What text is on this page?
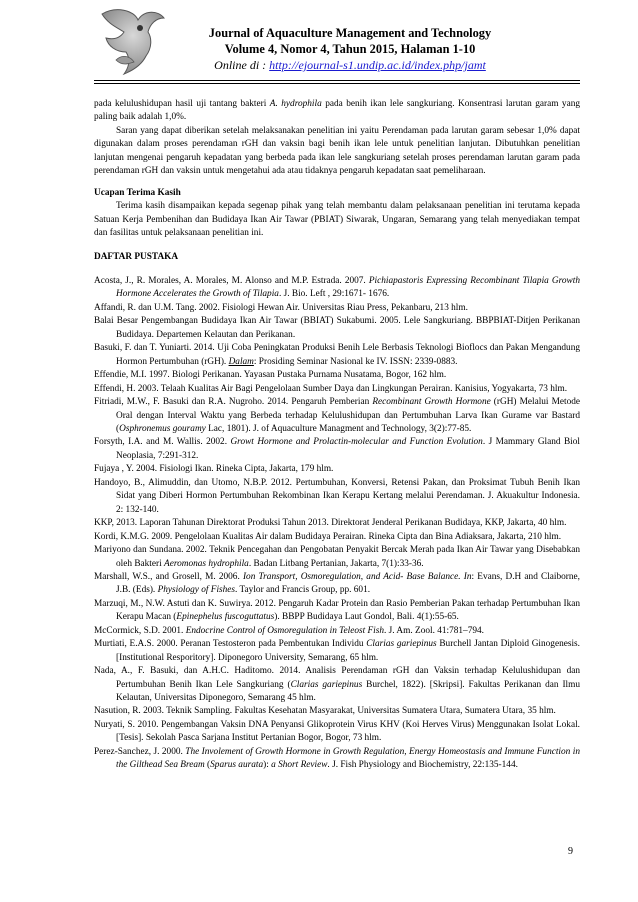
Journal of Aquaculture Management and Technology
Volume 4, Nomor 4, Tahun 2015, Halaman 1-10
Online di : http://ejournal-s1.undip.ac.id/index.php/jamt

pada kelulushidupan hasil uji tantang bakteri A. hydrophila pada benih ikan lele sangkuriang. Konsentrasi larutan garam yang paling baik adalah 1,0%.

Saran yang dapat diberikan setelah melaksanakan penelitian ini yaitu Perendaman pada larutan garam sebesar 1,0% dapat digunakan dalam proses perendaman rGH dan vaksin bagi benih ikan lele untuk penelitian lanjutan. Dibutuhkan penelitian lanjutan mengenai pengaruh kepadatan yang berbeda pada ikan lele sangkuriang setelah proses perendaman larutan garam pada perendaman rGH dan vaksin untuk mengetahui ada atau tidaknya pengaruh kepadatan saat pemeliharaan.

Ucapan Terima Kasih

Terima kasih disampaikan kepada segenap pihak yang telah membantu dalam pelaksanaan penelitian ini terutama kepada Satuan Kerja Pembenihan dan Budidaya Ikan Air Tawar (PBIAT) Siwarak, Ungaran, Semarang yang telah menyediakan tempat dan fasilitas untuk pelaksanaan penelitian ini.

DAFTAR PUSTAKA

Acosta, J., R. Morales, A. Morales, M. Alonso and M.P. Estrada. 2007. Pichiapastoris Expressing Recombinant Tilapia Growth Hormone Accelerates the Growth of Tilapia. J. Bio. Left , 29:1671- 1676.

Affandi, R. dan U.M. Tang. 2002. Fisiologi Hewan Air. Universitas Riau Press, Pekanbaru, 213 hlm.

Balai Besar Pengembangan Budidaya Ikan Air Tawar (BBIAT) Sukabumi. 2005. Lele Sangkuriang. BBPBIAT-Ditjen Perikanan Budidaya. Departemen Kelautan dan Perikanan.

Basuki, F. dan T. Yuniarti. 2014. Uji Coba Peningkatan Produksi Benih Lele Berbasis Teknologi Bioflocs dan Pakan Mengandung Hormon Pertumbuhan (rGH). Dalam: Prosiding Seminar Nasional ke IV. ISSN: 2339-0883.

Effendie, M.I. 1997. Biologi Perikanan. Yayasan Pustaka Purnama Nusatama, Bogor, 162 hlm.

Effendi, H. 2003. Telaah Kualitas Air Bagi Pengelolaan Sumber Daya dan Lingkungan Perairan. Kanisius, Yogyakarta, 73 hlm.

Fitriadi, M.W., F. Basuki dan R.A. Nugroho. 2014. Pengaruh Pemberian Recombinant Growth Hormone (rGH) Melalui Metode Oral dengan Interval Waktu yang Berbeda terhadap Kelulushidupan dan Pertumbuhan Larva Ikan Gurame var Bastard (Osphronemus gouramy Lac, 1801). J. of Aquaculture Managment and Technology, 3(2):77-85.

Forsyth, I.A. and M. Wallis. 2002. Growt Hormone and Prolactin-molecular and Function Evolution. J Mammary Gland Biol Neoplasia, 7:291-312.

Fujaya , Y. 2004. Fisiologi Ikan. Rineka Cipta, Jakarta, 179 hlm.

Handoyo, B., Alimuddin, dan Utomo, N.B.P. 2012. Pertumbuhan, Konversi, Retensi Pakan, dan Proksimat Tubuh Benih Ikan Sidat yang Diberi Hormon Pertumbuhan Rekombinan Ikan Kerapu Kertang melalui Perendaman. J. Akuakultur Indonesia. 2: 132-140.

KKP, 2013. Laporan Tahunan Direktorat Produksi Tahun 2013. Direktorat Jenderal Perikanan Budidaya, KKP, Jakarta, 40 hlm.

Kordi, K.M.G. 2009. Pengelolaan Kualitas Air dalam Budidaya Perairan. Rineka Cipta dan Bina Adiaksara, Jakarta, 210 hlm.

Mariyono dan Sundana. 2002. Teknik Pencegahan dan Pengobatan Penyakit Bercak Merah pada Ikan Air Tawar yang Disebabkan oleh Bakteri Aeromonas hydrophila. Badan Litbang Pertanian, Jakarta, 7(1):33-36.

Marshall, W.S., and Grosell, M. 2006. Ion Transport, Osmoregulation, and Acid- Base Balance. In: Evans, D.H and Claiborne, J.B. (Eds). Physiology of Fishes. Taylor and Francis Group, pp. 601.

Marzuqi, M., N.W. Astuti dan K. Suwirya. 2012. Pengaruh Kadar Protein dan Rasio Pemberian Pakan terhadap Pertumbuhan Ikan Kerapu Macan (Epinephelus fuscoguttatus). BBPP Budidaya Laut Gondol, Bali. 4(1):55-65.

McCormick, S.D. 2001. Endocrine Control of Osmoregulation in Teleost Fish. J. Am. Zool. 41:781–794.

Murtiati, E.A.S. 2000. Peranan Testosteron pada Pembentukan Individu Clarias gariepinus Burchell Jantan Diploid Ginogenesis. [Institutional Resporitory]. Diponegoro University, Semarang, 65 hlm.

Nada, A., F. Basuki, dan A.H.C. Haditomo. 2014. Analisis Perendaman rGH dan Vaksin terhadap Kelulushidupan dan Pertumbuhan Benih Ikan Lele Sangkuriang (Clarias gariepinus Burchel, 1822). [Skripsi]. Fakultas Perikanan dan Ilmu Kelautan, Universitas Diponegoro, Semarang 45 hlm.

Nasution, R. 2003. Teknik Sampling. Fakultas Kesehatan Masyarakat, Universitas Sumatera Utara, Sumatera Utara, 35 hlm.

Nuryati, S. 2010. Pengembangan Vaksin DNA Penyansi Glikoprotein Virus KHV (Koi Herves Virus) Menggunakan Isolat Lokal. [Tesis]. Sekolah Pasca Sarjana Institut Pertanian Bogor, Bogor, 73 hlm.

Perez-Sanchez, J. 2000. The Involement of Growth Hormone in Growth Regulation, Energy Homeostasis and Immune Function in the Gilthead Sea Bream (Sparus aurata): a Short Review. J. Fish Physiology and Biochemistry, 22:135-144.

9
